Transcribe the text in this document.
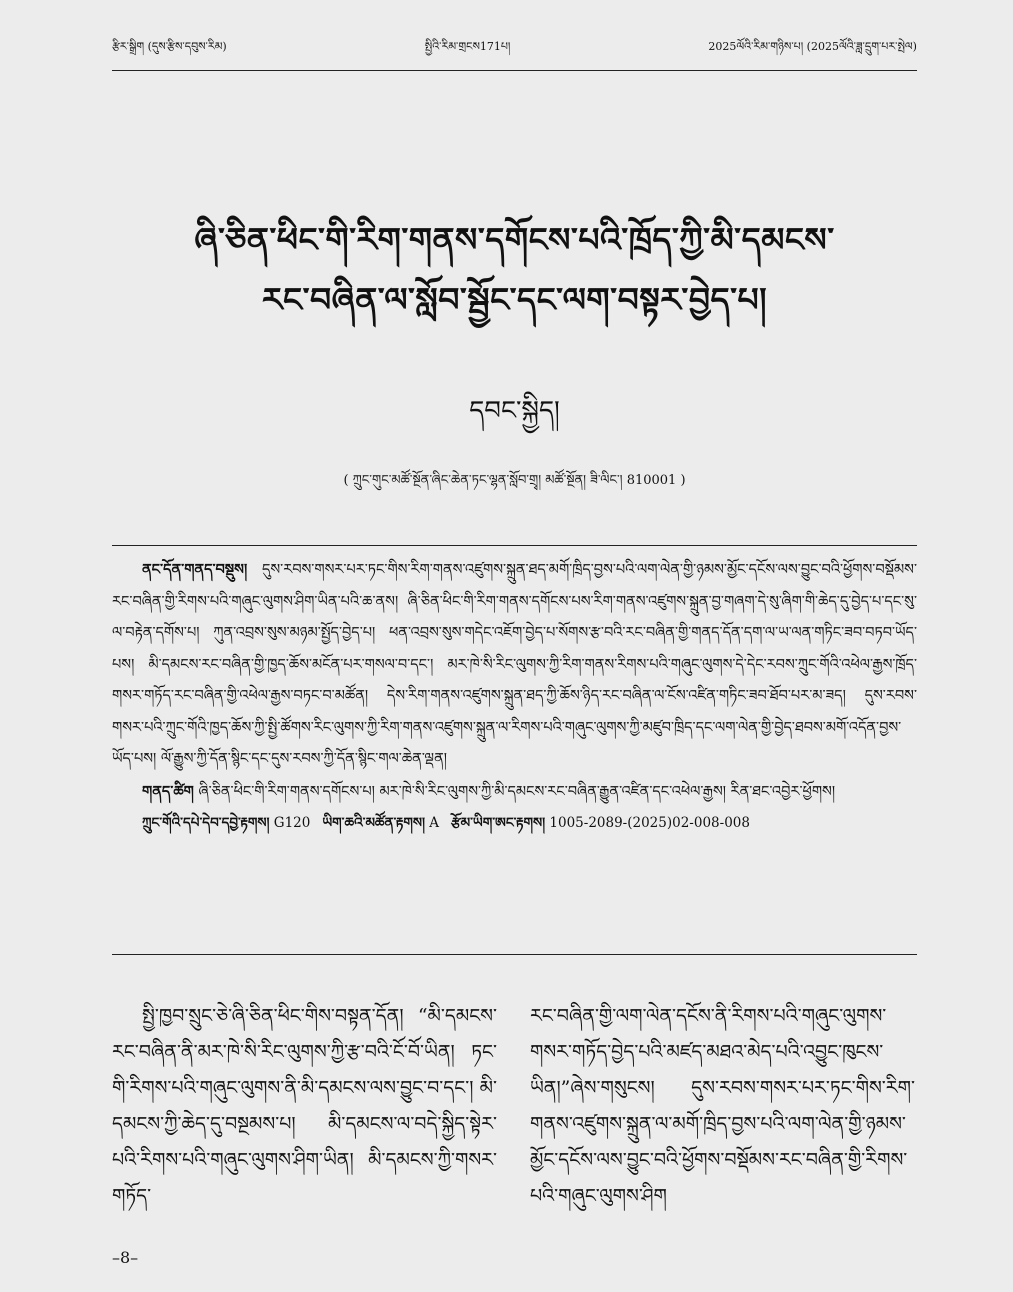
རྩིར་སྒྲིག (དུས་རྩིས་དབུས་རིམ)	སྤྱིའི་རིམ་གྲངས171པ།	2025ལོའི་རིམ་གཉིས་པ། (2025ལོའི་ཟླ་དྲུག་པར་སྤེལ)
ཞི་ཅིན་ཕིང་གི་རིག་གནས་དགོངས་པའི་ཁྲོད་ཀྱི་མི་དམངས་
རང་བཞིན་ལ་སློབ་སྦྱོང་དང་ལག་བསྟར་བྱེད་པ།
དབང་སྐྱིད།
( ཀྲུང་གུང་མཚོ་སྔོན་ཞིང་ཆེན་ཏང་ལྷན་སློབ་གྲྭ། མཚོ་སྔོན། ཟི་ལིང་། 810001 )

ནང་དོན་གནད་བསྡུས། དུས་རབས་གསར་པར་ཏང་གིས་རིག་གནས་འཛུགས་སྐྲུན་ཐད་མགོ་ཁྲིད་བྱས་པའི་ལག་ལེན་གྱི་ཉམས་མྱོང་དངོས་ལས་བྱུང་བའི་ཕྱོགས་བསྡོམས་རང་བཞིན་གྱི་རིགས་པའི་གཞུང་ལུགས་ཤིག་ཡིན་པའི་ཆ་ནས། ཞི་ཅིན་ཕིང་གི་རིག་གནས་དགོངས་པས་རིག་གནས་འཛུགས་སྐྲུན་བྱ་གཞག་དེ་སུ་ཞིག་གི་ཆེད་དུ་བྱེད་པ་དང་སུ་ལ་བརྟེན་དགོས་པ། ཀུན་འབྲས་སུས་མཉམ་སྤྱོད་བྱེད་པ། ཕན་འབྲས་སུས་གདེང་འཇོག་བྱེད་པ་སོགས་རྩ་བའི་རང་བཞིན་གྱི་གནད་དོན་དག་ལ་ཡ་ལན་གཏིང་ཟབ་བཏབ་ཡོད་པས། མི་དམངས་རང་བཞིན་གྱི་ཁྱད་ཆོས་མངོན་པར་གསལ་བ་དང་། མར་ཁེ་སི་རིང་ལུགས་ཀྱི་རིག་གནས་རིགས་པའི་གཞུང་ལུགས་དེ་དེང་རབས་ཀྲུང་གོའི་འཕེལ་རྒྱས་ཁྲོད་གསར་གཏོད་རང་བཞིན་གྱི་འཕེལ་རྒྱས་བཏང་བ་མཚོན། དེས་རིག་གནས་འཛུགས་སྐྲུན་ཐད་ཀྱི་ཆོས་ཉིད་རང་བཞིན་ལ་ངོས་འཛིན་གཏིང་ཟབ་ཐོབ་པར་མ་ཟད། དུས་རབས་གསར་པའི་ཀྲུང་གོའི་ཁྱད་ཆོས་ཀྱི་སྤྱི་ཚོགས་རིང་ལུགས་ཀྱི་རིག་གནས་འཛུགས་སྐྲུན་ལ་རིགས་པའི་གཞུང་ལུགས་ཀྱི་མཛུབ་ཁྲིད་དང་ལག་ལེན་གྱི་བྱེད་ཐབས་མགོ་འདོན་བྱས་ཡོད་པས། ལོ་རྒྱུས་ཀྱི་དོན་སྙིང་དང་དུས་རབས་ཀྱི་དོན་སྙིང་གལ་ཆེན་ལྡན།

གནད་ཚིག ཞི་ཅིན་ཕིང་གི་རིག་གནས་དགོངས་པ། མར་ཁེ་སི་རིང་ལུགས་ཀྱི་མི་དམངས་རང་བཞིན་རྒྱུན་འཛིན་དང་འཕེལ་རྒྱས། རིན་ཐང་འབྱེར་ཕྱོགས།

ཀྲུང་གོའི་དཔེ་དེབ་དབྱེ་རྟགས། G120 ཡིག་ཆའི་མཚོན་རྟགས། A རྩོམ་ཡིག་ཨང་རྟགས། 1005-2089-(2025)02-008-008

སྤྱི་ཁྱབ་སྲུང་ཅེ་ཞི་ཅིན་ཕིང་གིས་བསྟན་དོན། “མི་དམངས་རང་བཞིན་ནི་མར་ཁེ་སི་རིང་ལུགས་ཀྱི་རྩ་བའི་ངོ་བོ་ཡིན། ཏང་གི་རིགས་པའི་གཞུང་ལུགས་ནི་མི་དམངས་ལས་བྱུང་བ་དང་། མི་དམངས་ཀྱི་ཆེད་དུ་བསྔམས་པ། མི་དམངས་ལ་བདེ་སྐྱིད་སྟེར་པའི་རིགས་པའི་གཞུང་ལུགས་ཤིག་ཡིན། མི་དམངས་ཀྱི་གསར་གཏོད་
རང་བཞིན་གྱི་ལག་ལེན་དངོས་ནི་རིགས་པའི་གཞུང་ལུགས་གསར་གཏོད་བྱེད་པའི་མཛད་མཐའ་མེད་པའི་འབྱུང་ཁུངས་ཡིན།”ཞེས་གསུངས། དུས་རབས་གསར་པར་ཏང་གིས་རིག་གནས་འཛུགས་སྐྲུན་ལ་མགོ་ཁྲིད་བྱས་པའི་ལག་ལེན་གྱི་ཉམས་མྱོང་དངོས་ལས་བྱུང་བའི་ཕྱོགས་བསྡོམས་རང་བཞིན་གྱི་རིགས་པའི་གཞུང་ལུགས་ཤིག
–8–
